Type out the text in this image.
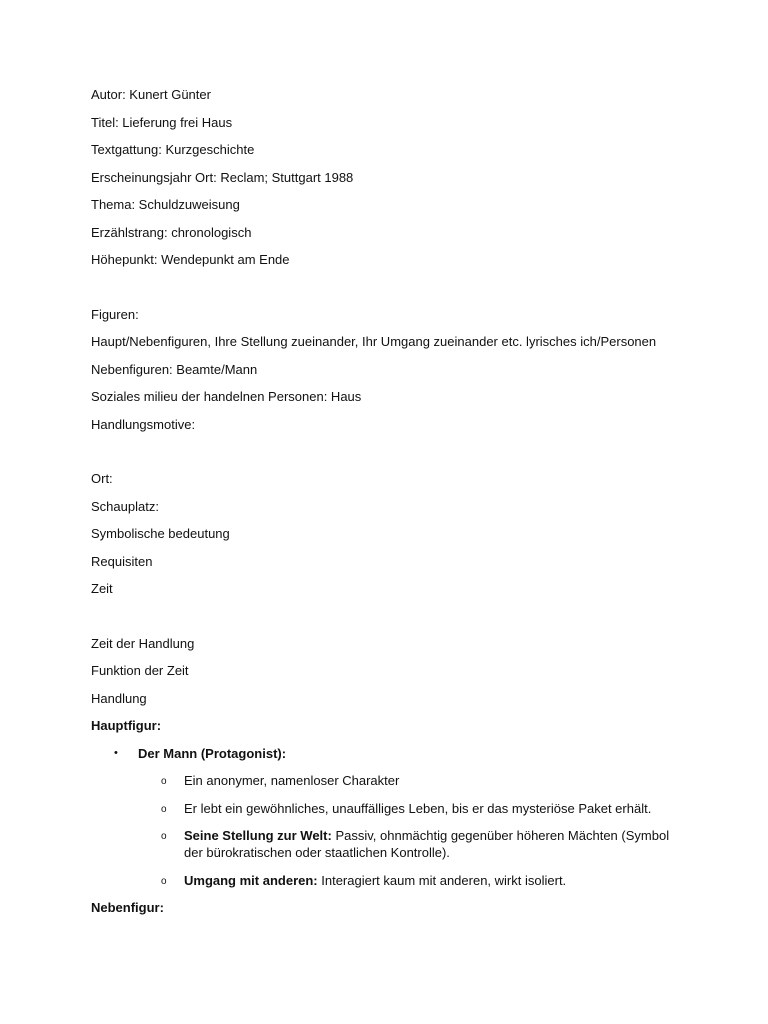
Autor: Kunert Günter

Titel: Lieferung frei Haus

Textgattung: Kurzgeschichte

Erscheinungsjahr Ort: Reclam; Stuttgart 1988

Thema: Schuldzuweisung

Erzählstrang: chronologisch

Höhepunkt: Wendepunkt am Ende

Figuren:

Haupt/Nebenfiguren, Ihre Stellung zueinander, Ihr Umgang zueinander etc. lyrisches ich/Personen

Nebenfiguren: Beamte/Mann

Soziales milieu der handelnen Personen: Haus

Handlungsmotive:

Ort:

Schauplatz:

Symbolische bedeutung

Requisiten

Zeit

Zeit der Handlung

Funktion der Zeit

Handlung

Hauptfigur:

• Der Mann (Protagonist):
o Ein anonymer, namenloser Charakter
o Er lebt ein gewöhnliches, unauffälliges Leben, bis er das mysteriöse Paket erhält.
o Seine Stellung zur Welt: Passiv, ohnmächtig gegenüber höheren Mächten (Symbol der bürokratischen oder staatlichen Kontrolle).
o Umgang mit anderen: Interagiert kaum mit anderen, wirkt isoliert.

Nebenfigur:
